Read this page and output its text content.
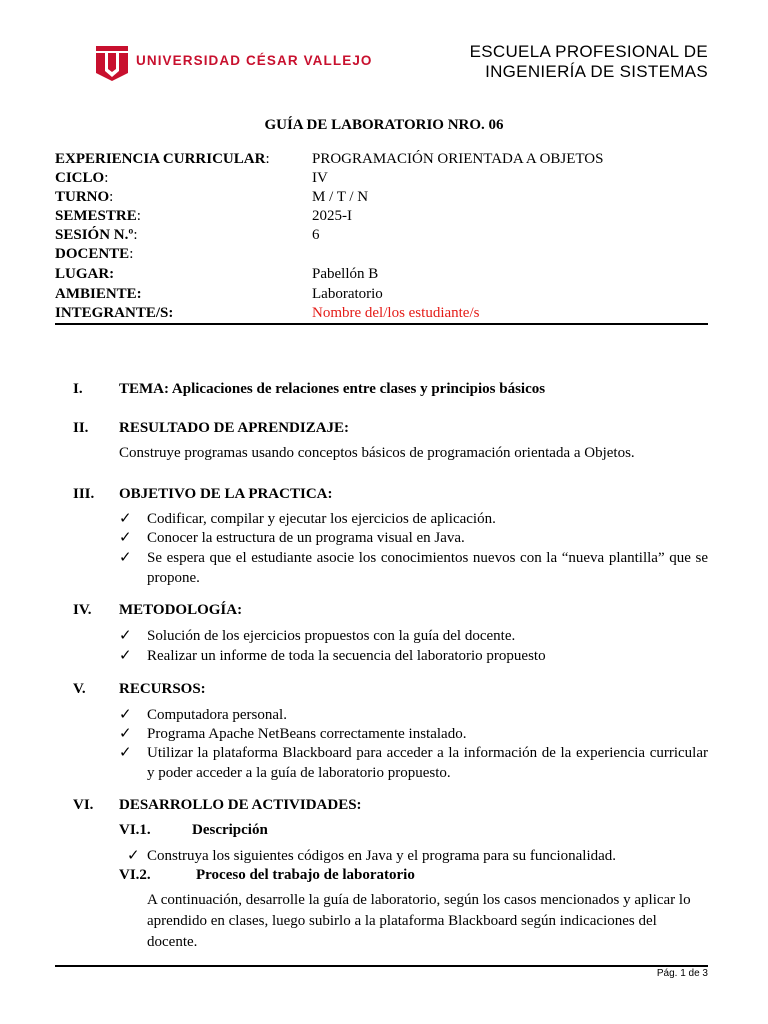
UNIVERSIDAD CÉSAR VALLEJO	ESCUELA PROFESIONAL DE
INGENIERÍA DE SISTEMAS
GUÍA DE LABORATORIO NRO. 06
EXPERIENCIA CURRICULAR:	PROGRAMACIÓN ORIENTADA A OBJETOS
CICLO:	IV
TURNO:	M / T / N
SEMESTRE:	2025-I
SESIÓN N.º:	6
DOCENTE:
LUGAR:	Pabellón B
AMBIENTE:	Laboratorio
INTEGRANTE/S:	Nombre del/los estudiante/s
I. TEMA: Aplicaciones de relaciones entre clases y principios básicos
II. RESULTADO DE APRENDIZAJE:
Construye programas usando conceptos básicos de programación orientada a Objetos.
III. OBJETIVO DE LA PRACTICA:
✓ Codificar, compilar y ejecutar los ejercicios de aplicación.
✓ Conocer la estructura de un programa visual en Java.
✓ Se espera que el estudiante asocie los conocimientos nuevos con la “nueva plantilla” que se propone.
IV. METODOLOGÍA:
✓ Solución de los ejercicios propuestos con la guía del docente.
✓ Realizar un informe de toda la secuencia del laboratorio propuesto
V. RECURSOS:
✓ Computadora personal.
✓ Programa Apache NetBeans correctamente instalado.
✓ Utilizar la plataforma Blackboard para acceder a la información de la experiencia curricular y poder acceder a la guía de laboratorio propuesto.
VI. DESARROLLO DE ACTIVIDADES:
VI.1.	Descripción
✓ Construya los siguientes códigos en Java y el programa para su funcionalidad.
VI.2.	Proceso del trabajo de laboratorio
A continuación, desarrolle la guía de laboratorio, según los casos mencionados y aplicar lo aprendido en clases, luego subirlo a la plataforma Blackboard según indicaciones del docente.
Pág. 1 de 3
